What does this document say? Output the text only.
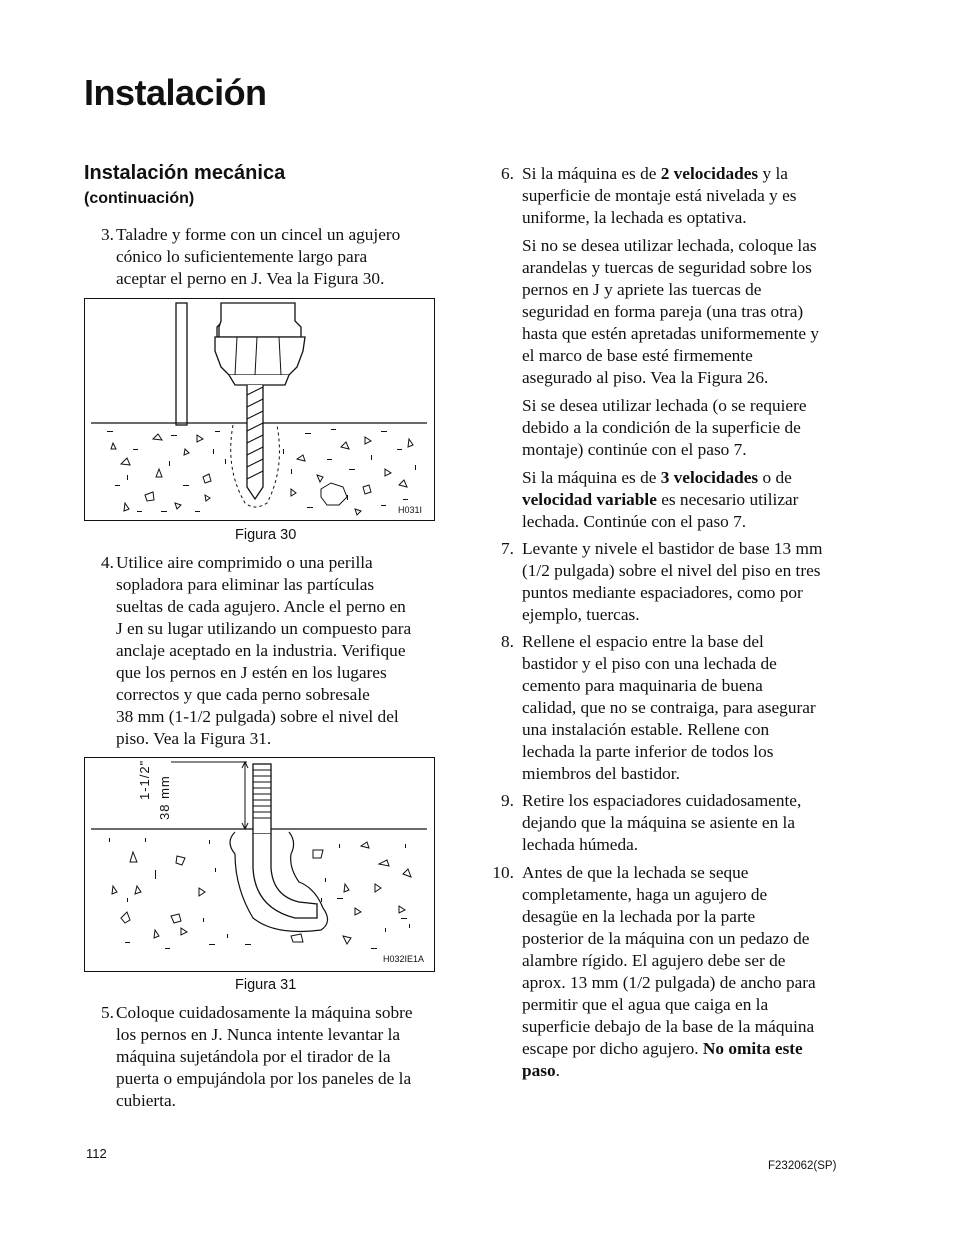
Instalación
Instalación mecánica
(continuación)
3. Taladre y forme con un cincel un agujero
cónico lo suficientemente largo para
aceptar el perno en J. Vea la Figura 30.
H031I
Figura 30
4. Utilice aire comprimido o una perilla
sopladora para eliminar las partículas
sueltas de cada agujero. Ancle el perno en
J en su lugar utilizando un compuesto para
anclaje aceptado en la industria. Verifique
que los pernos en J estén en los lugares
correctos y que cada perno sobresale
38 mm (1-1/2 pulgada) sobre el nivel del
piso. Vea la Figura 31.
1-1/2" 38 mm
H032IE1A
Figura 31
5. Coloque cuidadosamente la máquina sobre
los pernos en J. Nunca intente levantar la
máquina sujetándola por el tirador de la
puerta o empujándola por los paneles de la
cubierta.
6. Si la máquina es de 2 velocidades y la
superficie de montaje está nivelada y es
uniforme, la lechada es optativa.
Si no se desea utilizar lechada, coloque las
arandelas y tuercas de seguridad sobre los
pernos en J y apriete las tuercas de
seguridad en forma pareja (una tras otra)
hasta que estén apretadas uniformemente y
el marco de base esté firmemente
asegurado al piso. Vea la Figura 26.
Si se desea utilizar lechada (o se requiere
debido a la condición de la superficie de
montaje) continúe con el paso 7.
Si la máquina es de 3 velocidades o de
velocidad variable es necesario utilizar
lechada. Continúe con el paso 7.
7. Levante y nivele el bastidor de base 13 mm
(1/2 pulgada) sobre el nivel del piso en tres
puntos mediante espaciadores, como por
ejemplo, tuercas.
8. Rellene el espacio entre la base del
bastidor y el piso con una lechada de
cemento para maquinaria de buena
calidad, que no se contraiga, para asegurar
una instalación estable. Rellene con
lechada la parte inferior de todos los
miembros del bastidor.
9. Retire los espaciadores cuidadosamente,
dejando que la máquina se asiente en la
lechada húmeda.
10. Antes de que la lechada se seque
completamente, haga un agujero de
desagüe en la lechada por la parte
posterior de la máquina con un pedazo de
alambre rígido. El agujero debe ser de
aprox. 13 mm (1/2 pulgada) de ancho para
permitir que el agua que caiga en la
superficie debajo de la base de la máquina
escape por dicho agujero. No omita este
paso.
112
F232062(SP)
